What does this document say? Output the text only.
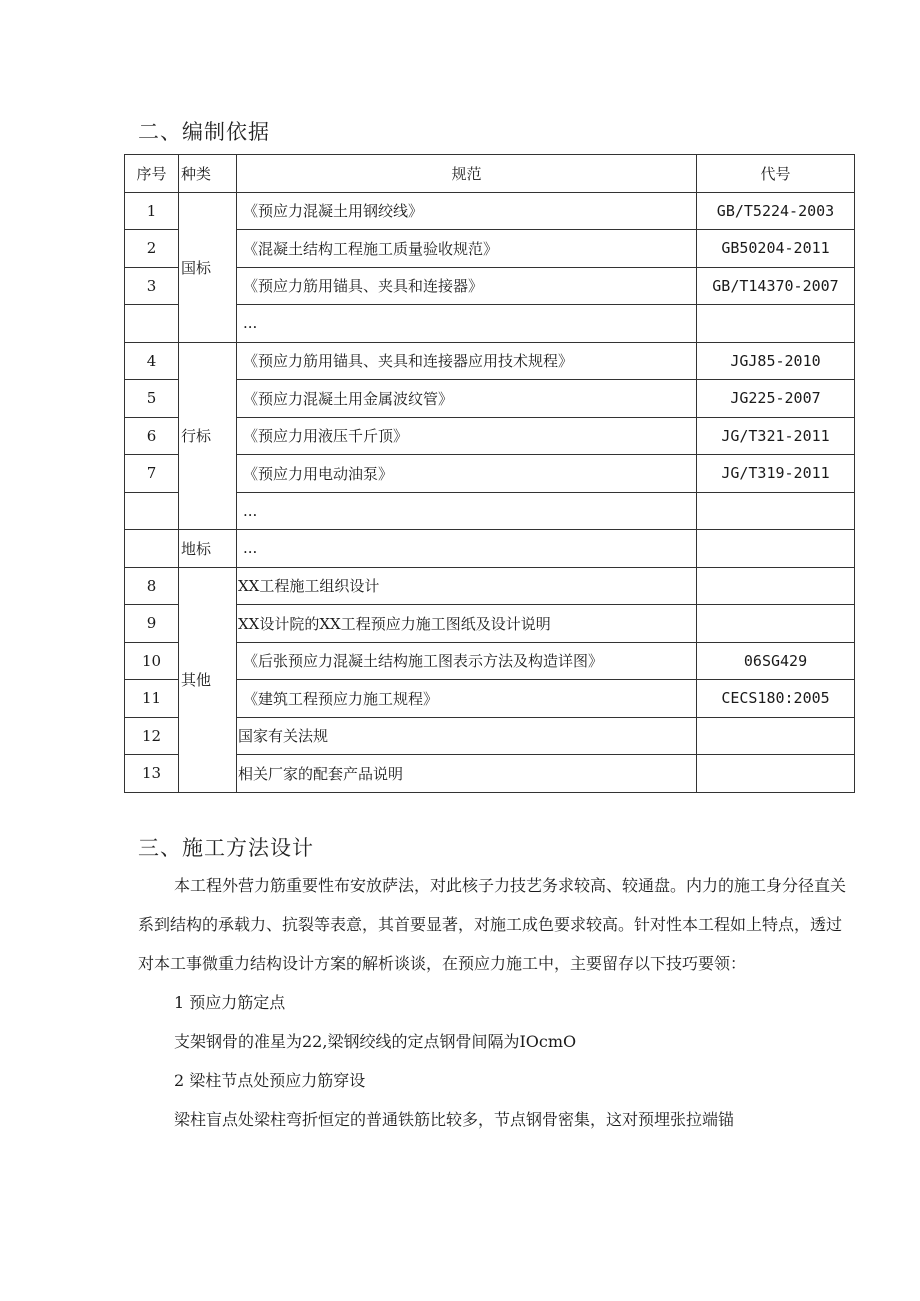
二、编制依据
序号	种类	规范	代号
1	国标	《预应力混凝土用钢绞线》	GB/T5224-2003
2		《混凝土结构工程施工质量验收规范》	GB50204-2011
3		《预应力筋用锚具、夹具和连接器》	GB/T14370-2007
		...	
4	行标	《预应力筋用锚具、夹具和连接器应用技术规程》	JGJ85-2010
5		《预应力混凝土用金属波纹管》	JG225-2007
6		《预应力用液压千斤顶》	JG/T321-2011
7		《预应力用电动油泵》	JG/T319-2011
		...	
	地标	...	
8	其他	XX工程施工组织设计	
9		XX设计院的XX工程预应力施工图纸及设计说明	
10		《后张预应力混凝土结构施工图表示方法及构造详图》	06SG429
11		《建筑工程预应力施工规程》	CECS180:2005
12		国家有关法规	
13		相关厂家的配套产品说明	
三、施工方法设计

本工程外营力筋重要性布安放萨法，对此核子力技艺务求较高、较通盘。内力的施工身分径直关系到结构的承载力、抗裂等表意，其首要显著，对施工成色要求较高。针对性本工程如上特点，透过对本工事微重力结构设计方案的解析谈谈，在预应力施工中，主要留存以下技巧要领：

1 预应力筋定点

支架钢骨的准星为22,梁钢绞线的定点钢骨间隔为IOcmO

2 梁柱节点处预应力筋穿设

梁柱盲点处梁柱弯折恒定的普通铁筋比较多，节点钢骨密集，这对预埋张拉端锚
